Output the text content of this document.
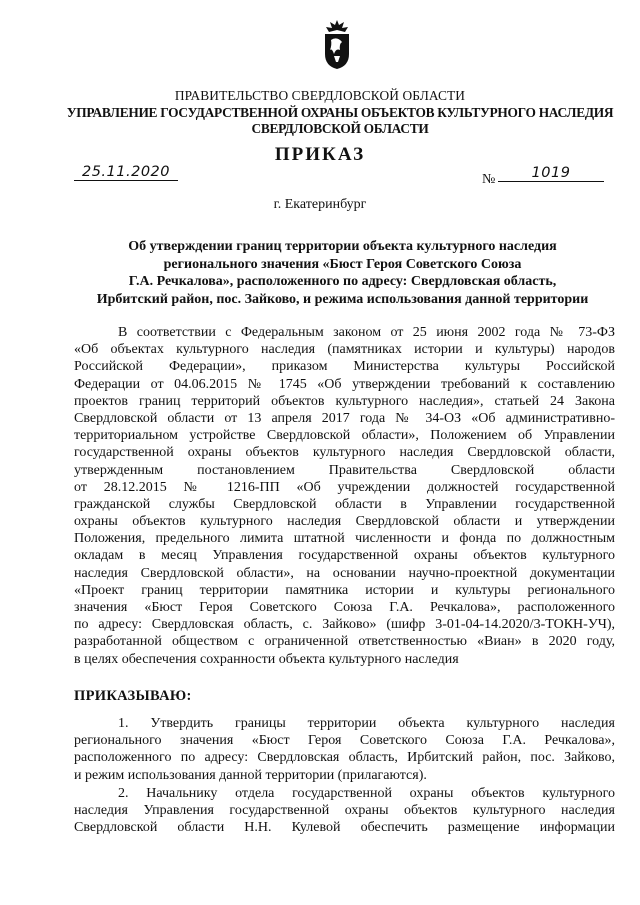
ПРАВИТЕЛЬСТВО СВЕРДЛОВСКОЙ ОБЛАСТИ
УПРАВЛЕНИЕ ГОСУДАРСТВЕННОЙ ОХРАНЫ ОБЪЕКТОВ КУЛЬТУРНОГО НАСЛЕДИЯ
СВЕРДЛОВСКОЙ ОБЛАСТИ
ПРИКАЗ
25.11.2020	№	1019
г. Екатеринбург
Об утверждении границ территории объекта культурного наследия
регионального значения «Бюст Героя Советского Союза
Г.А. Речкалова», расположенного по адресу: Свердловская область,
Ирбитский район, пос. Зайково, и режима использования данной территории
В соответствии с Федеральным законом от 25 июня 2002 года № 73-ФЗ
«Об объектах культурного наследия (памятниках истории и культуры) народов
Российской Федерации», приказом Министерства культуры Российской
Федерации от 04.06.2015 № 1745 «Об утверждении требований к составлению
проектов границ территорий объектов культурного наследия», статьей 24 Закона
Свердловской области от 13 апреля 2017 года № 34-ОЗ «Об административно-
территориальном устройстве Свердловской области», Положением об Управлении
государственной охраны объектов культурного наследия Свердловской области,
утвержденным постановлением Правительства Свердловской области
от 28.12.2015 № 1216-ПП «Об учреждении должностей государственной
гражданской службы Свердловской области в Управлении государственной
охраны объектов культурного наследия Свердловской области и утверждении
Положения, предельного лимита штатной численности и фонда по должностным
окладам в месяц Управления государственной охраны объектов культурного
наследия Свердловской области», на основании научно-проектной документации
«Проект границ территории памятника истории и культуры регионального
значения «Бюст Героя Советского Союза Г.А. Речкалова», расположенного
по адресу: Свердловская область, с. Зайково» (шифр 3-01-04-14.2020/3-ТОКН-УЧ),
разработанной обществом с ограниченной ответственностью «Виан» в 2020 году,
в целях обеспечения сохранности объекта культурного наследия
ПРИКАЗЫВАЮ:
1. Утвердить границы территории объекта культурного наследия
регионального значения «Бюст Героя Советского Союза Г.А. Речкалова»,
расположенного по адресу: Свердловская область, Ирбитский район, пос. Зайково,
и режим использования данной территории (прилагаются).
2. Начальнику отдела государственной охраны объектов культурного
наследия Управления государственной охраны объектов культурного наследия
Свердловской области Н.Н. Кулевой обеспечить размещение информации
